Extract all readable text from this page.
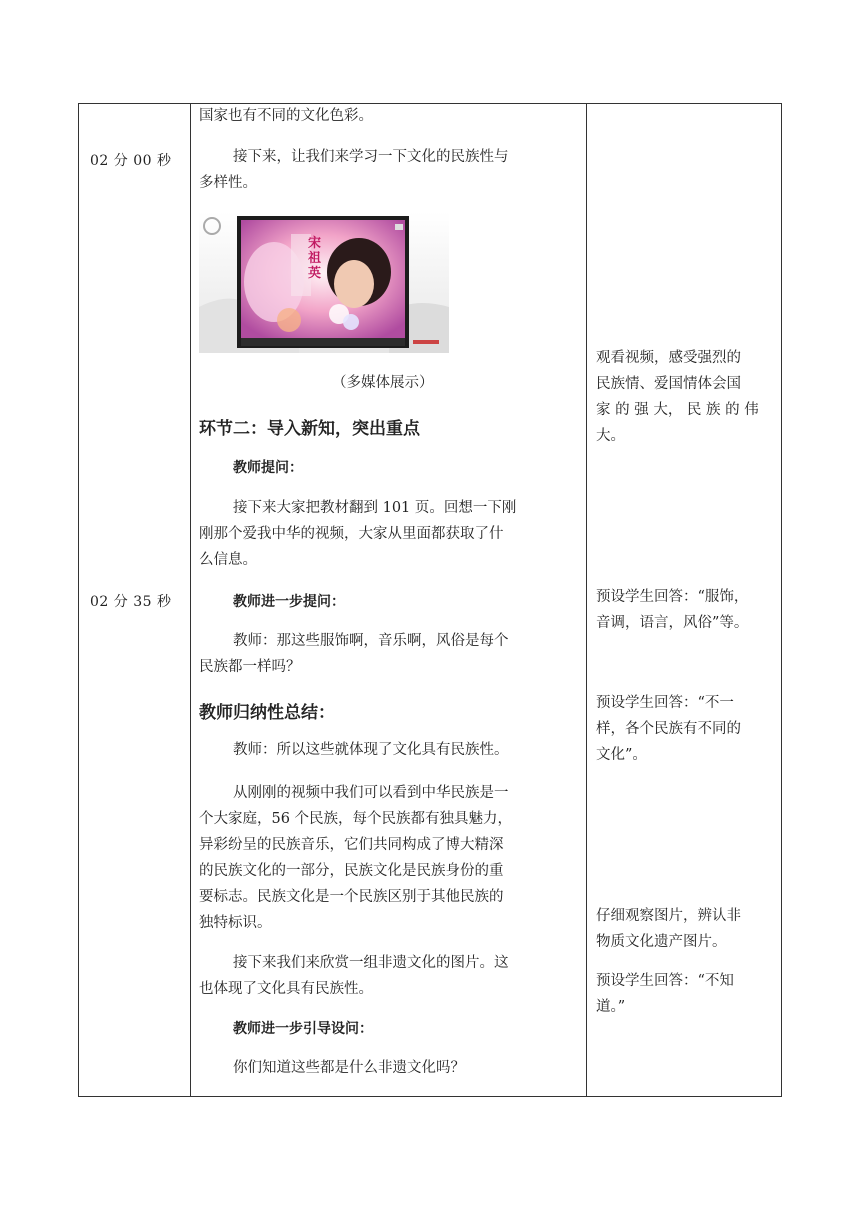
02 分 00 秒
02 分 35 秒
国家也有不同的文化色彩。
接下来，让我们来学习一下文化的民族性与
多样性。
宋祖英
（多媒体展示）
环节二：导入新知，突出重点
教师提问：
接下来大家把教材翻到 101 页。回想一下刚
刚那个爱我中华的视频，大家从里面都获取了什
么信息。
教师进一步提问：
教师：那这些服饰啊，音乐啊，风俗是每个
民族都一样吗？
教师归纳性总结：
教师：所以这些就体现了文化具有民族性。
从刚刚的视频中我们可以看到中华民族是一
个大家庭，56 个民族，每个民族都有独具魅力，
异彩纷呈的民族音乐，它们共同构成了博大精深
的民族文化的一部分，民族文化是民族身份的重
要标志。民族文化是一个民族区别于其他民族的
独特标识。
接下来我们来欣赏一组非遗文化的图片。这
也体现了文化具有民族性。
教师进一步引导设问：
你们知道这些都是什么非遗文化吗？
观看视频，感受强烈的
民族情、爱国情体会国
家 的 强 大， 民 族 的 伟
大。
预设学生回答：“服饰，
音调，语言，风俗”等。
预设学生回答：“不一
样，各个民族有不同的
文化”。
仔细观察图片，辨认非
物质文化遗产图片。
预设学生回答：“不知
道。”
